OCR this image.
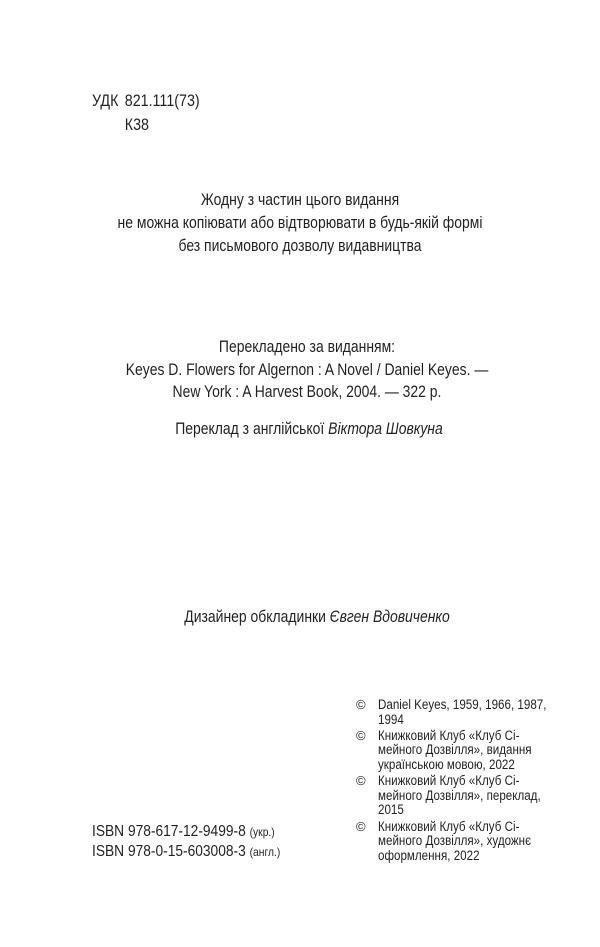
УДК 821.111(73)
К38
Жодну з частин цього видання
не можна копіювати або відтворювати в будь-якій формі
без письмового дозволу видавництва
Перекладено за виданням:
Keyes D. Flowers for Algernon : A Novel / Daniel Keyes. —
New York : A Harvest Book, 2004. — 322 p.
Переклад з англійської Віктора Шовкуна
Дизайнер обкладинки Євген Вдовиченко
© Daniel Keyes, 1959, 1966, 1987,
1994
© Книжковий Клуб «Клуб Сі-
мейного Дозвілля», видання
українською мовою, 2022
© Книжковий Клуб «Клуб Сі-
мейного Дозвілля», переклад,
2015
© Книжковий Клуб «Клуб Сі-
мейного Дозвілля», художнє
оформлення, 2022
ISBN 978-617-12-9499-8 (укр.)
ISBN 978-0-15-603008-3 (англ.)
